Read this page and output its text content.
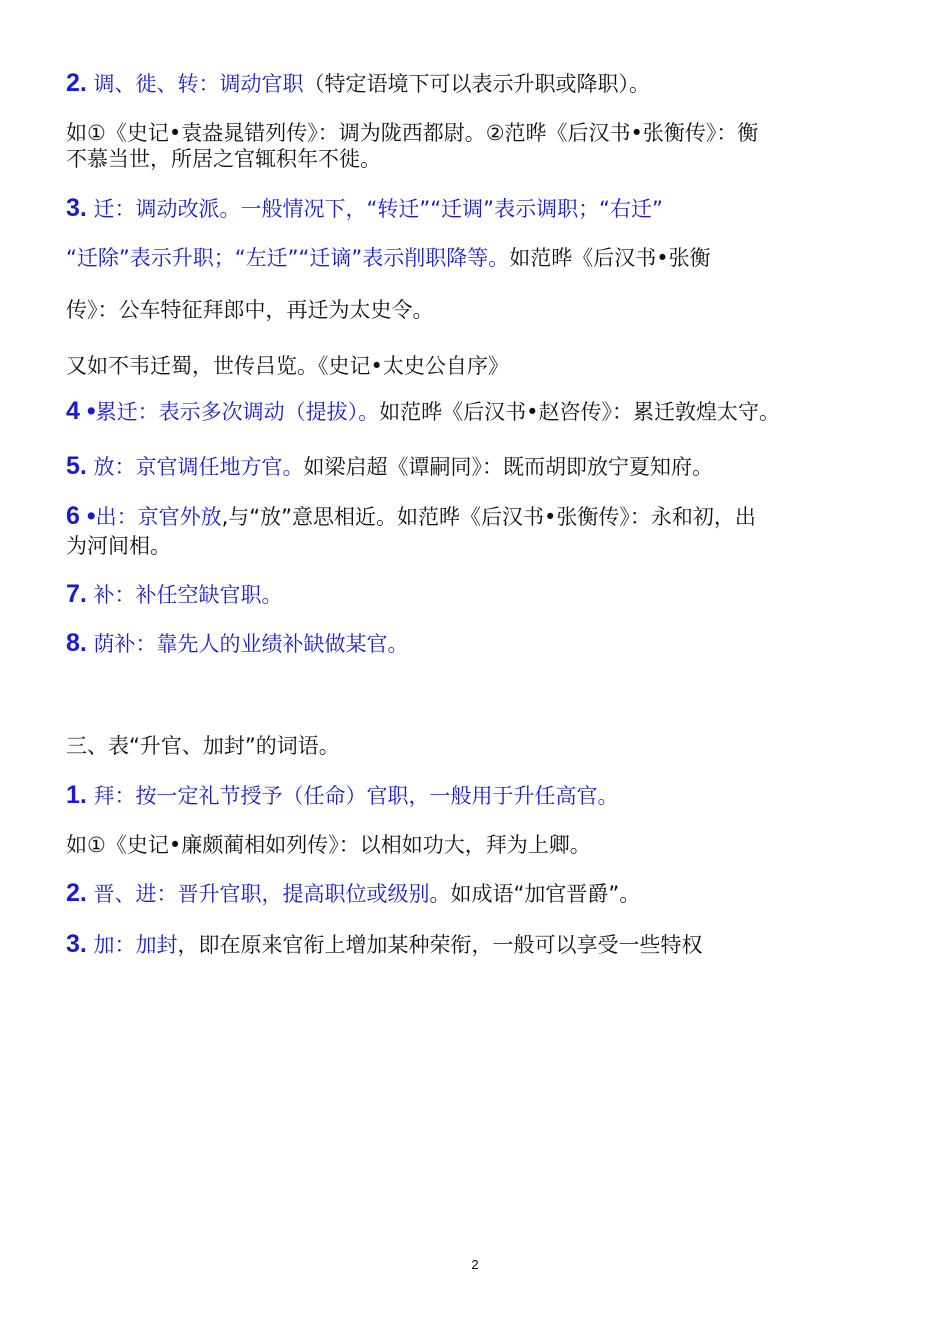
2. 调、徙、转：调动官职（特定语境下可以表示升职或降职）。
如①《史记•袁盎晁错列传》：调为陇西都尉。②范晔《后汉书•张衡传》：衡
不慕当世，所居之官辄积年不徙。
3. 迁：调动改派。一般情况下，“转迁”“迁调”表示调职；“右迁”
“迁除”表示升职；“左迁”“迁谪”表示削职降等。如范晔《后汉书•张衡
传》：公车特征拜郎中，再迁为太史令。
又如不韦迁蜀，世传吕览。《史记•太史公自序》
4 •累迁：表示多次调动（提拔）。如范晔《后汉书•赵咨传》：累迁敦煌太守。
5. 放：京官调任地方官。如梁启超《谭嗣同》：既而胡即放宁夏知府。
6 •出：京官外放,与“放”意思相近。如范晔《后汉书•张衡传》：永和初，出
为河间相。
7. 补：补任空缺官职。
8. 荫补：靠先人的业绩补缺做某官。
三、表“升官、加封”的词语。
1. 拜：按一定礼节授予（任命）官职，一般用于升任高官。
如①《史记•廉颇蔺相如列传》：以相如功大，拜为上卿。
2. 晋、进：晋升官职，提高职位或级别。如成语“加官晋爵”。
3. 加：加封，即在原来官衔上增加某种荣衔，一般可以享受一些特权
2
